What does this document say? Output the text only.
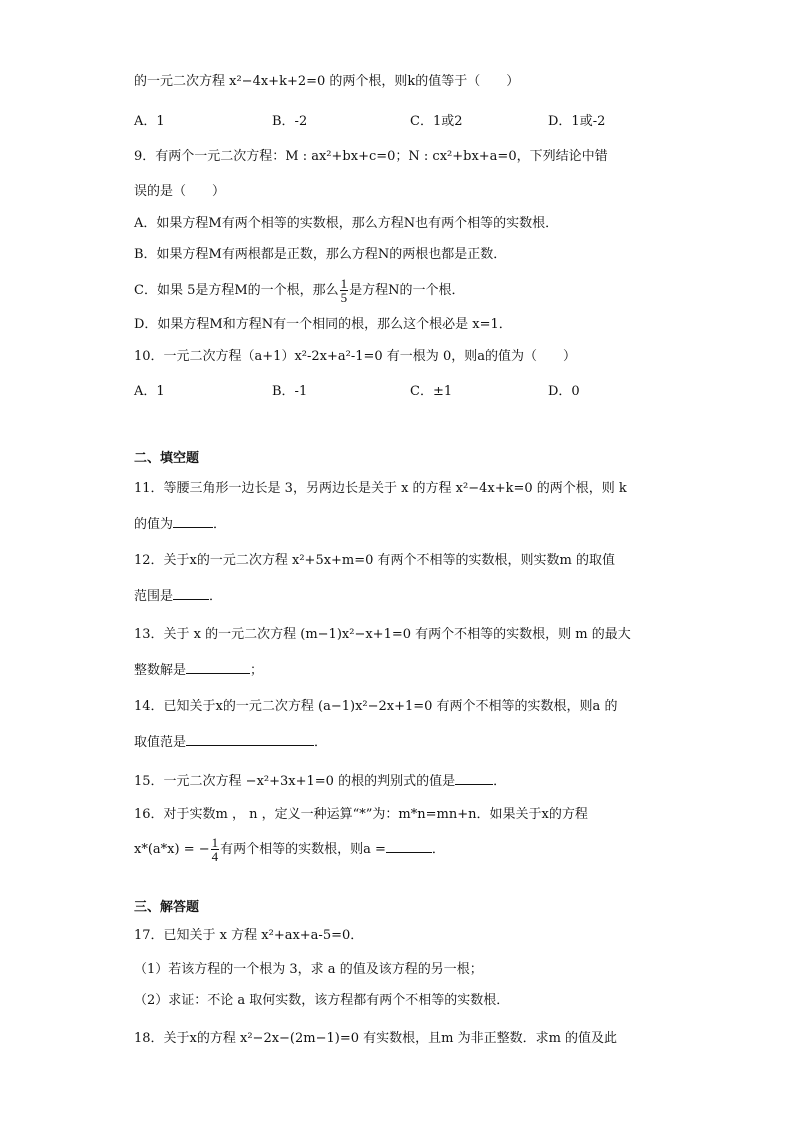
的一元二次方程 x²−4x+k+2=0 的两个根，则k的值等于（　　）
A．1	B．-2	C．1或2	D．1或-2
9．有两个一元二次方程：M : ax²+bx+c=0；N : cx²+bx+a=0，下列结论中错
误的是（　　）
A．如果方程M有两个相等的实数根，那么方程N也有两个相等的实数根．
B．如果方程M有两根都是正数，那么方程N的两根也都是正数．
C．如果 5是方程M的一个根，那么 $\frac{1}{5}$ 是方程N的一个根．
D．如果方程M和方程N有一个相同的根，那么这个根必是 x=1．
10．一元二次方程（a+1）x²-2x+a²-1=0 有一根为 0，则a的值为（　　）
A．1	B．-1	C．±1	D．0
二、填空题
11．等腰三角形一边长是 3，另两边长是关于 x 的方程 x²−4x+k=0 的两个根，则 k
的值为	．
12．关于x的一元二次方程 x²+5x+m=0 有两个不相等的实数根，则实数m 的取值
范围是	．
13．关于 x 的一元二次方程 (m−1)x²−x+1=0 有两个不相等的实数根，则 m 的最大
整数解是	；
14．已知关于x的一元二次方程 (a−1)x²−2x+1=0 有两个不相等的实数根，则a 的
取值范是	．
15．一元二次方程 −x²+3x+1=0 的根的判别式的值是	．
16．对于实数m ， n ，定义一种运算“*”为：m*n=mn+n．如果关于x的方程
x*(a*x) = − $\frac{1}{4}$ 有两个相等的实数根，则a =	．
三、解答题
17．已知关于 x 方程 x²+ax+a-5=0．
（1）若该方程的一个根为 3，求 a 的值及该方程的另一根；
（2）求证：不论 a 取何实数，该方程都有两个不相等的实数根．
18．关于x的方程 x²−2x−(2m−1)=0 有实数根，且m 为非正整数．求m 的值及此
